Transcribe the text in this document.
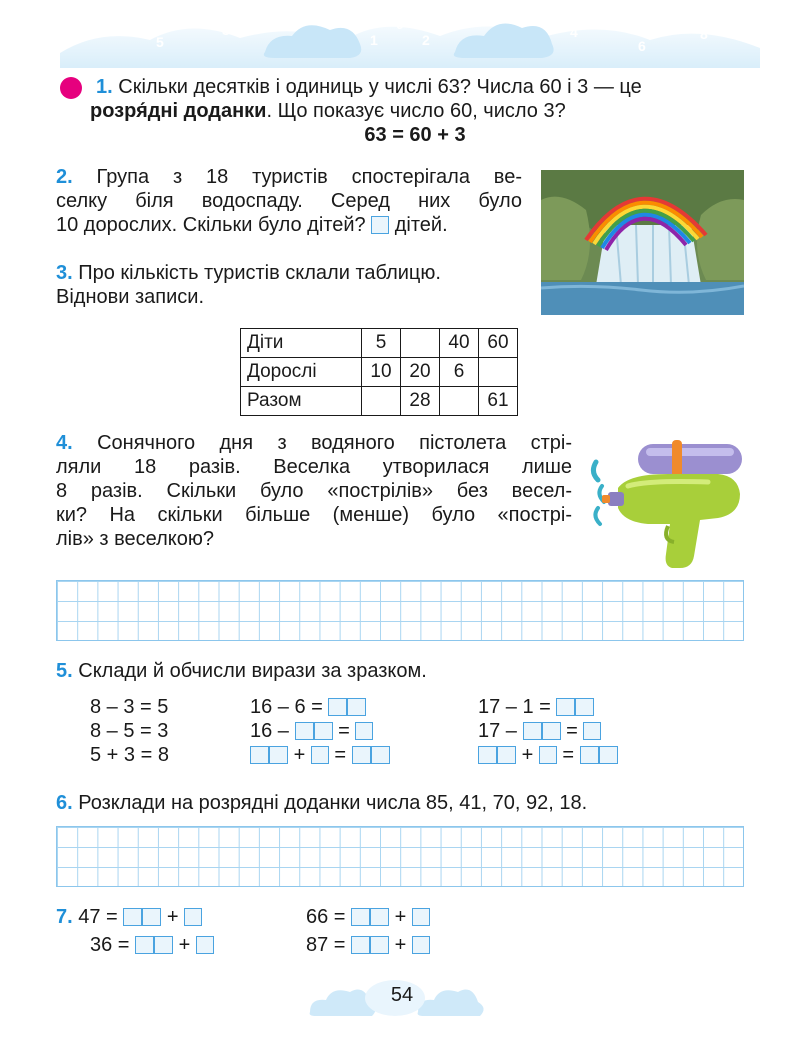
7
5
3
1
0
2	4
6
8
1. Скільки десятків і одиниць у числі 63? Числа 60 і 3 — це
розря́дні доданки. Що показує число 60, число 3?
63 = 60 + 3
2. Група з 18 туристів спостерігала ве-
селку біля водоспаду. Серед них було
10 дорослих. Скільки було дітей? дітей.
3. Про кількість туристів склали таблицю.
Віднови записи.
Діти	5		40	60
Дорослі	10	20	6	
Разом		28		61
4. Сонячного дня з водяного пістолета стрі-
ляли 18 разів. Веселка утворилася лише
8 разів. Скільки було «пострілів» без весел-
ки? На скільки більше (менше) було «пострі-
лів» з веселкою?
5. Склади й обчисли вирази за зразком.
8 – 3 = 5
8 – 5 = 3
5 + 3 = 8
16 – 6 =
16 – =
+ =
17 – 1 =
17 – =
+ =
6. Розклади на розрядні доданки числа 85, 41, 70, 92, 18.
7. 47 = +
36 = +
66 = +
87 = +
54
